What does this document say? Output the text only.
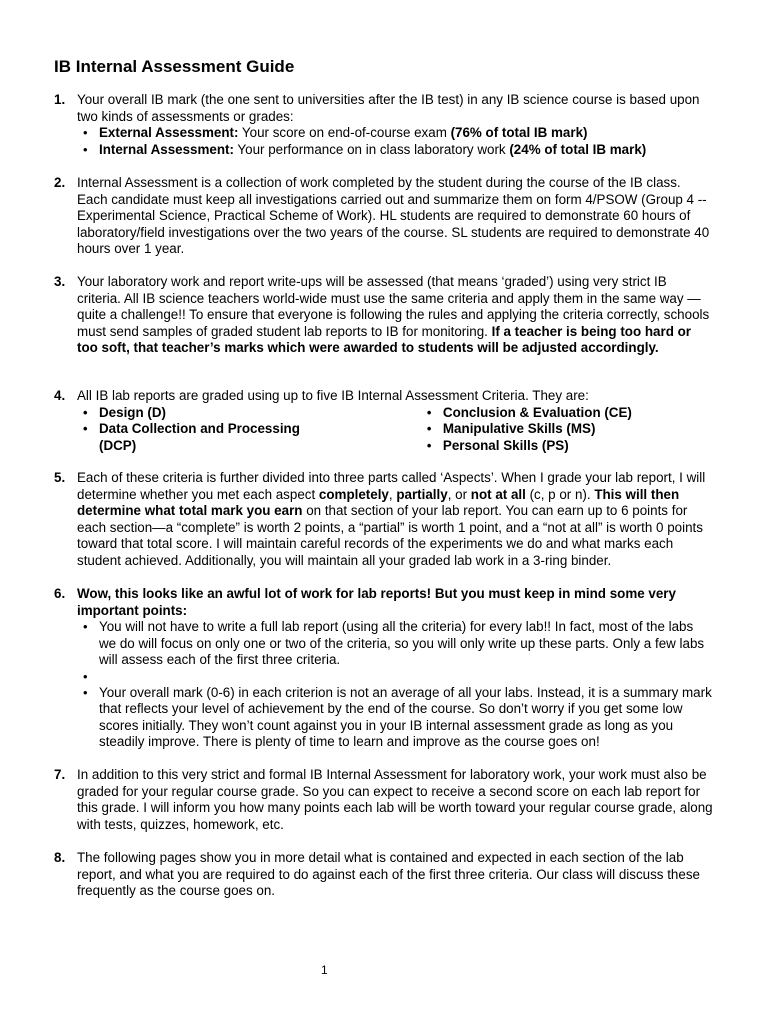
IB Internal Assessment Guide
1. Your overall IB mark (the one sent to universities after the IB test) in any IB science course is based upon two kinds of assessments or grades:

• External Assessment: Your score on end-of-course exam (76% of total IB mark)
• Internal Assessment: Your performance on in class laboratory work (24% of total IB mark)
2. Internal Assessment is a collection of work completed by the student during the course of the IB class. Each candidate must keep all investigations carried out and summarize them on form 4/PSOW (Group 4 -- Experimental Science, Practical Scheme of Work). HL students are required to demonstrate 60 hours of laboratory/field investigations over the two years of the course. SL students are required to demonstrate 40 hours over 1 year.

3. Your laboratory work and report write-ups will be assessed (that means ‘graded’) using very strict IB criteria. All IB science teachers world-wide must use the same criteria and apply them in the same way —quite a challenge!! To ensure that everyone is following the rules and applying the criteria correctly, schools must send samples of graded student lab reports to IB for monitoring. If a teacher is being too hard or too soft, that teacher’s marks which were awarded to students will be adjusted accordingly.

4. All IB lab reports are graded using up to five IB Internal Assessment Criteria. They are:

• Design (D)
• Data Collection and Processing (DCP)
• Conclusion & Evaluation (CE)
• Manipulative Skills (MS)
• Personal Skills (PS)
5. Each of these criteria is further divided into three parts called ‘Aspects’. When I grade your lab report, I will determine whether you met each aspect completely, partially, or not at all (c, p or n). This will then determine what total mark you earn on that section of your lab report. You can earn up to 6 points for each section—a “complete” is worth 2 points, a “partial” is worth 1 point, and a “not at all” is worth 0 points toward that total score. I will maintain careful records of the experiments we do and what marks each student achieved. Additionally, you will maintain all your graded lab work in a 3-ring binder.

6. Wow, this looks like an awful lot of work for lab reports! But you must keep in mind some very important points:

• You will not have to write a full lab report (using all the criteria) for every lab!! In fact, most of the labs we do will focus on only one or two of the criteria, so you will only write up these parts. Only a few labs will assess each of the first three criteria.
•
• Your overall mark (0-6) in each criterion is not an average of all your labs. Instead, it is a summary mark that reflects your level of achievement by the end of the course. So don’t worry if you get some low scores initially. They won’t count against you in your IB internal assessment grade as long as you steadily improve. There is plenty of time to learn and improve as the course goes on!
7. In addition to this very strict and formal IB Internal Assessment for laboratory work, your work must also be graded for your regular course grade. So you can expect to receive a second score on each lab report for this grade. I will inform you how many points each lab will be worth toward your regular course grade, along with tests, quizzes, homework, etc.

8. The following pages show you in more detail what is contained and expected in each section of the lab report, and what you are required to do against each of the first three criteria. Our class will discuss these frequently as the course goes on.

1
